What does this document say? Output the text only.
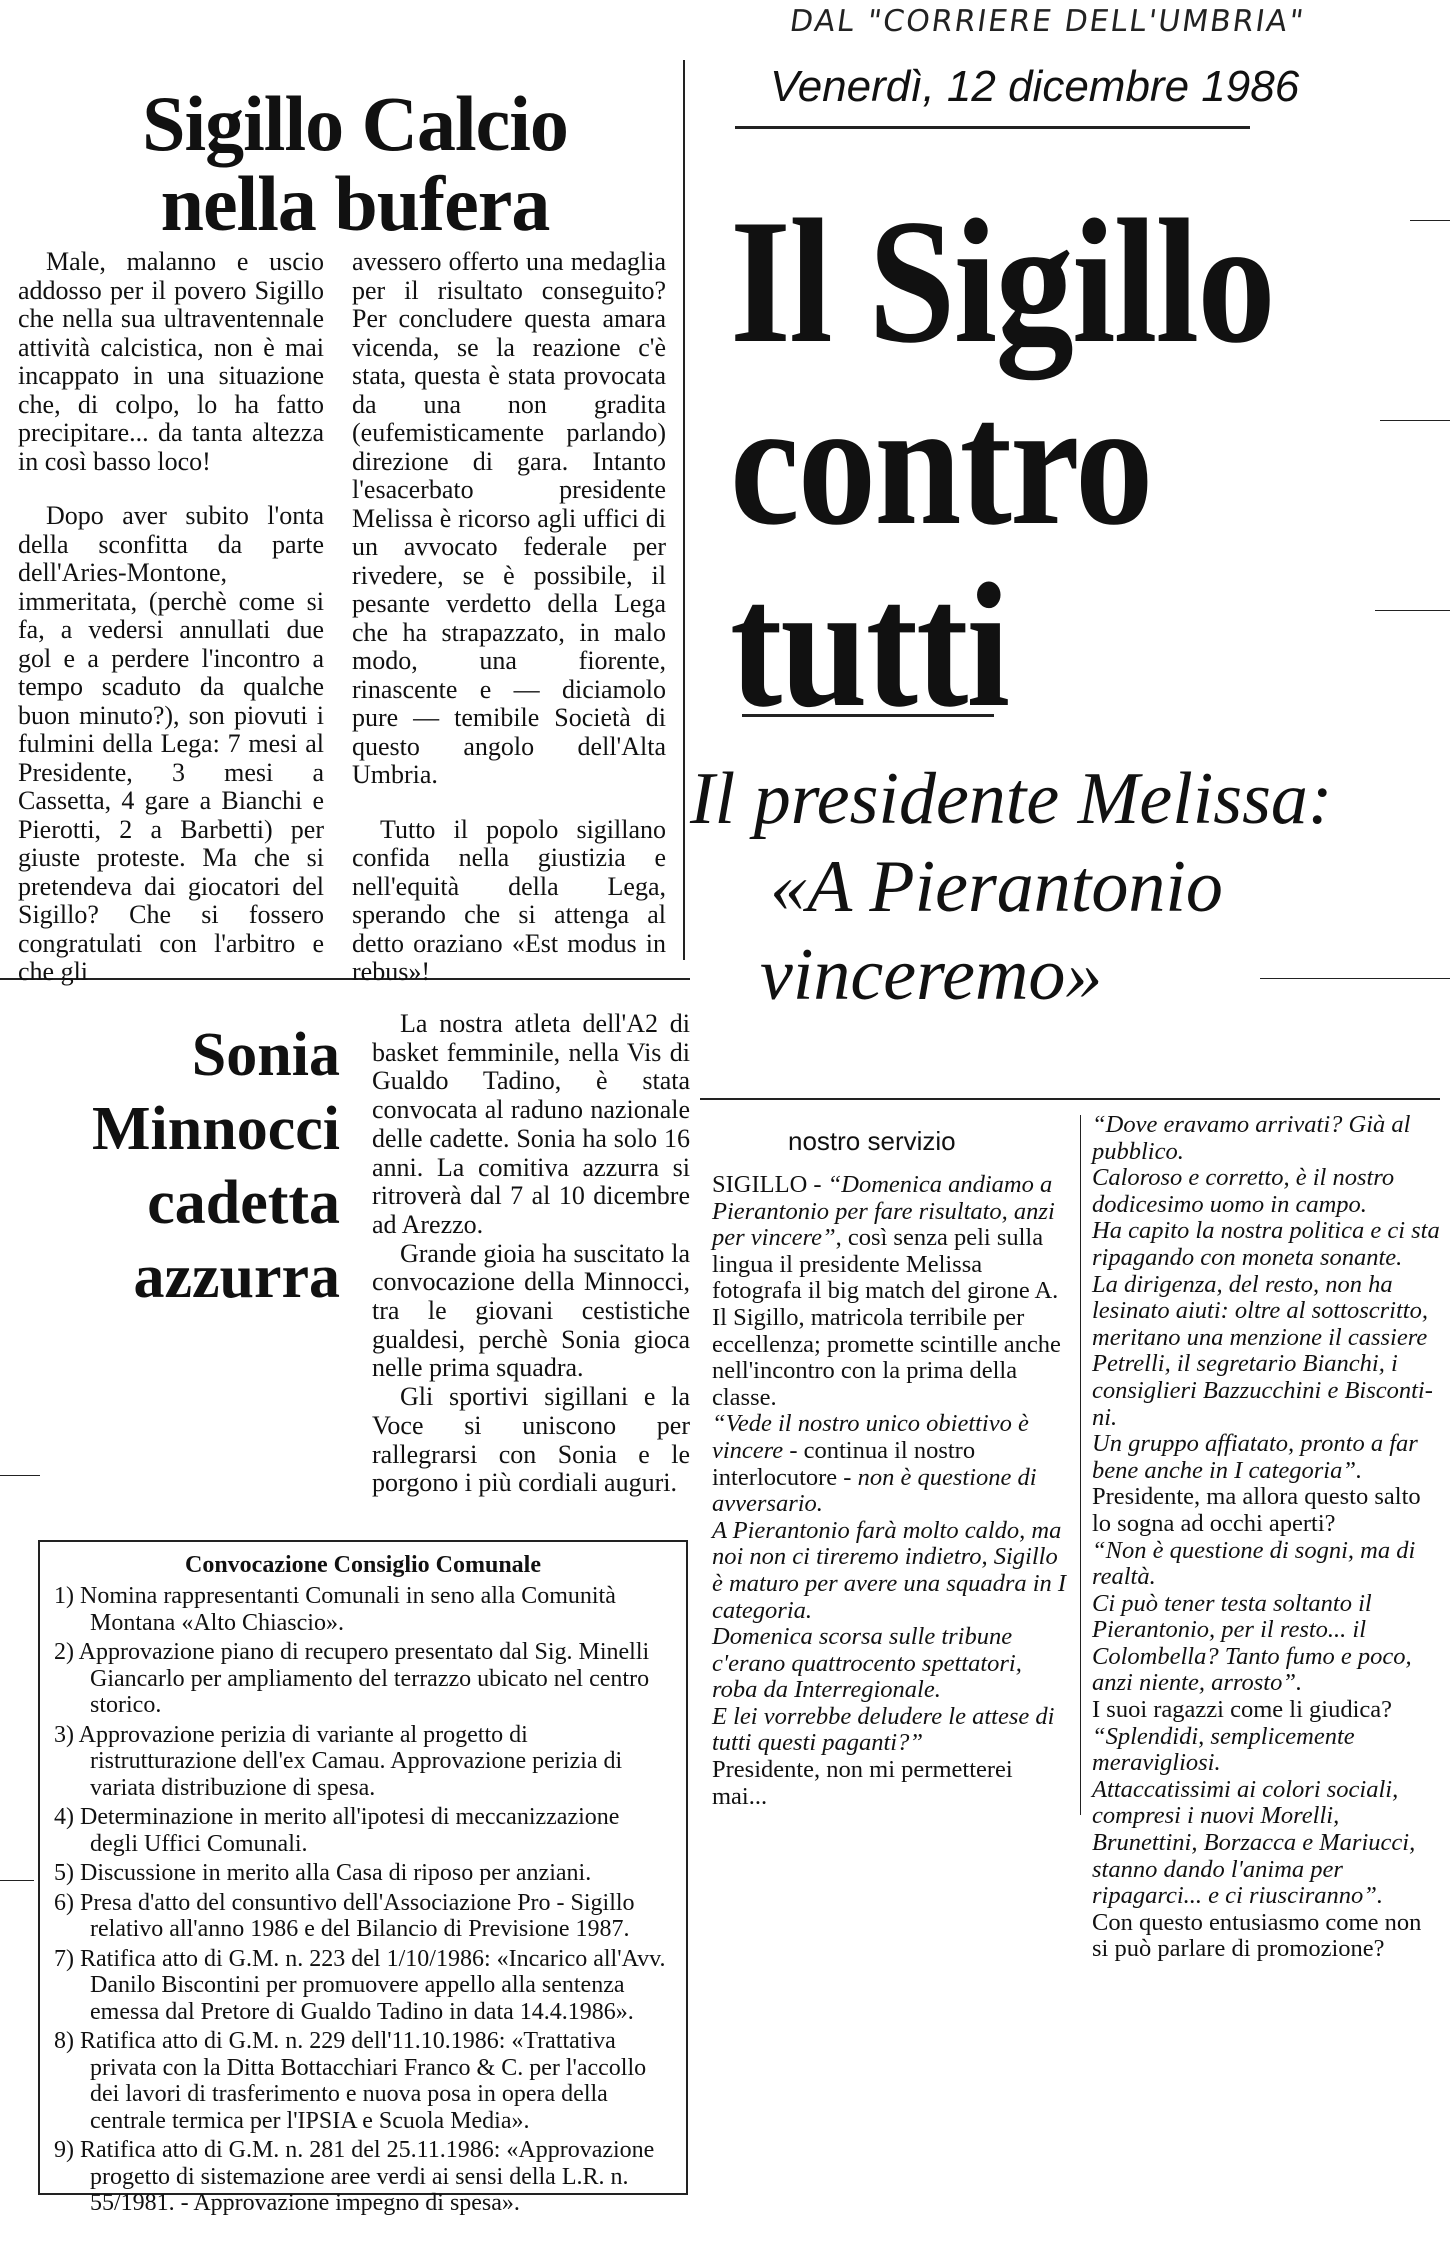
DAL "CORRIERE DELL'UMBRIA"
Venerdì, 12 dicembre 1986
Sigillo Calcio
nella bufera

Male, malanno e uscio addosso per il povero Sigillo che nella sua ultraventennale attività calcistica, non è mai incappato in una situazione che, di colpo, lo ha fatto precipitare... da tanta altezza in così basso loco!

Dopo aver subito l'onta della sconfitta da parte dell'Aries-Montone, immeritata, (perchè come si fa, a vedersi annullati due gol e a perdere l'incontro a tempo scaduto da qualche buon minuto?), son piovuti i fulmini della Lega: 7 mesi al Presidente, 3 mesi a Cassetta, 4 gare a Bianchi e Pierotti, 2 a Barbetti) per giuste proteste. Ma che si pretendeva dai giocatori del Sigillo? Che si fossero congratulati con l'arbitro e che gli

avessero offerto una medaglia per il risultato conseguito? Per concludere questa amara vicenda, se la reazione c'è stata, questa è stata provocata da una non gradita (eufemisticamente parlando) direzione di gara. Intanto l'esacerbato presidente Melissa è ricorso agli uffici di un avvocato federale per rivedere, se è possibile, il pesante verdetto della Lega che ha strapazzato, in malo modo, una fiorente, rinascente e — diciamolo pure — temibile Società di questo angolo dell'Alta Umbria.

Tutto il popolo sigillano confida nella giustizia e nell'equità della Lega, sperando che si attenga al detto oraziano «Est modus in rebus»!

Il Sigillo
contro
tutti
Il presidente Melissa:
«A Pierantonio
vinceremo»
nostro servizio

SIGILLO - “Domenica andiamo a Pierantonio per fare risultato, anzi per vincere”, così senza peli sulla lingua il presidente Melissa fotografa il big match del girone A.

Il Sigillo, matricola terribile per eccellenza; promette scintille anche nell'incontro con la prima della classe.

“Vede il nostro unico obiettivo è vincere - continua il nostro interlocutore - non è questione di avversario.

A Pierantonio farà molto caldo, ma noi non ci tireremo indietro, Sigillo è maturo per avere una squadra in I categoria.

Domenica scorsa sulle tribune c'erano quattrocento spettatori, roba da Interregionale.

E lei vorrebbe deludere le attese di tutti questi paganti?”

Presidente, non mi permetterei mai...

“Dove eravamo arrivati? Già al pubblico.

Caloroso e corretto, è il nostro dodicesimo uomo in campo.

Ha capito la nostra politica e ci sta ripagando con moneta sonante.

La dirigenza, del resto, non ha lesinato aiuti: oltre al sottoscritto, meritano una menzione il cassiere Petrelli, il segretario Bianchi, i consiglieri Bazzucchini e Bisconti-ni.

Un gruppo affiatato, pronto a far bene anche in I categoria”.

Presidente, ma allora questo salto lo sogna ad occhi aperti?

“Non è questione di sogni, ma di realtà.

Ci può tener testa soltanto il Pierantonio, per il resto... il Colombella? Tanto fumo e poco, anzi niente, arrosto”.

I suoi ragazzi come li giudica?

“Splendidi, semplicemente meravigliosi.

Attaccatissimi ai colori sociali, compresi i nuovi Morelli, Brunettini, Borzacca e Mariucci, stanno dando l'anima per ripagarci... e ci riusciranno”.

Con questo entusiasmo come non si può parlare di promozione?

Sonia
Minnocci
cadetta
azzurra

La nostra atleta dell'A2 di basket femminile, nella Vis di Gualdo Tadino, è stata convocata al raduno nazionale delle cadette. Sonia ha solo 16 anni. La comitiva azzurra si ritroverà dal 7 al 10 dicembre ad Arezzo.

Grande gioia ha suscitato la convocazione della Minnocci, tra le giovani cestistiche gualdesi, perchè Sonia gioca nelle prima squadra.

Gli sportivi sigillani e la Voce si uniscono per rallegrarsi con Sonia e le porgono i più cordiali auguri.

Convocazione Consiglio Comunale
1) Nomina rappresentanti Comunali in seno alla Comunità Montana «Alto Chiascio».
2) Approvazione piano di recupero presentato dal Sig. Minelli Giancarlo per ampliamento del terrazzo ubicato nel centro storico.
3) Approvazione perizia di variante al progetto di ristrutturazione dell'ex Camau. Approvazione perizia di variata distribuzione di spesa.
4) Determinazione in merito all'ipotesi di meccanizzazione degli Uffici Comunali.
5) Discussione in merito alla Casa di riposo per anziani.
6) Presa d'atto del consuntivo dell'Associazione Pro - Sigillo relativo all'anno 1986 e del Bilancio di Previsione 1987.
7) Ratifica atto di G.M. n. 223 del 1/10/1986: «Incarico all'Avv. Danilo Biscontini per promuovere appello alla sentenza emessa dal Pretore di Gualdo Tadino in data 14.4.1986».
8) Ratifica atto di G.M. n. 229 dell'11.10.1986: «Trattativa privata con la Ditta Bottacchiari Franco & C. per l'accollo dei lavori di trasferimento e nuova posa in opera della centrale termica per l'IPSIA e Scuola Media».
9) Ratifica atto di G.M. n. 281 del 25.11.1986: «Approvazione progetto di sistemazione aree verdi ai sensi della L.R. n. 55/1981. - Approvazione impegno di spesa».
